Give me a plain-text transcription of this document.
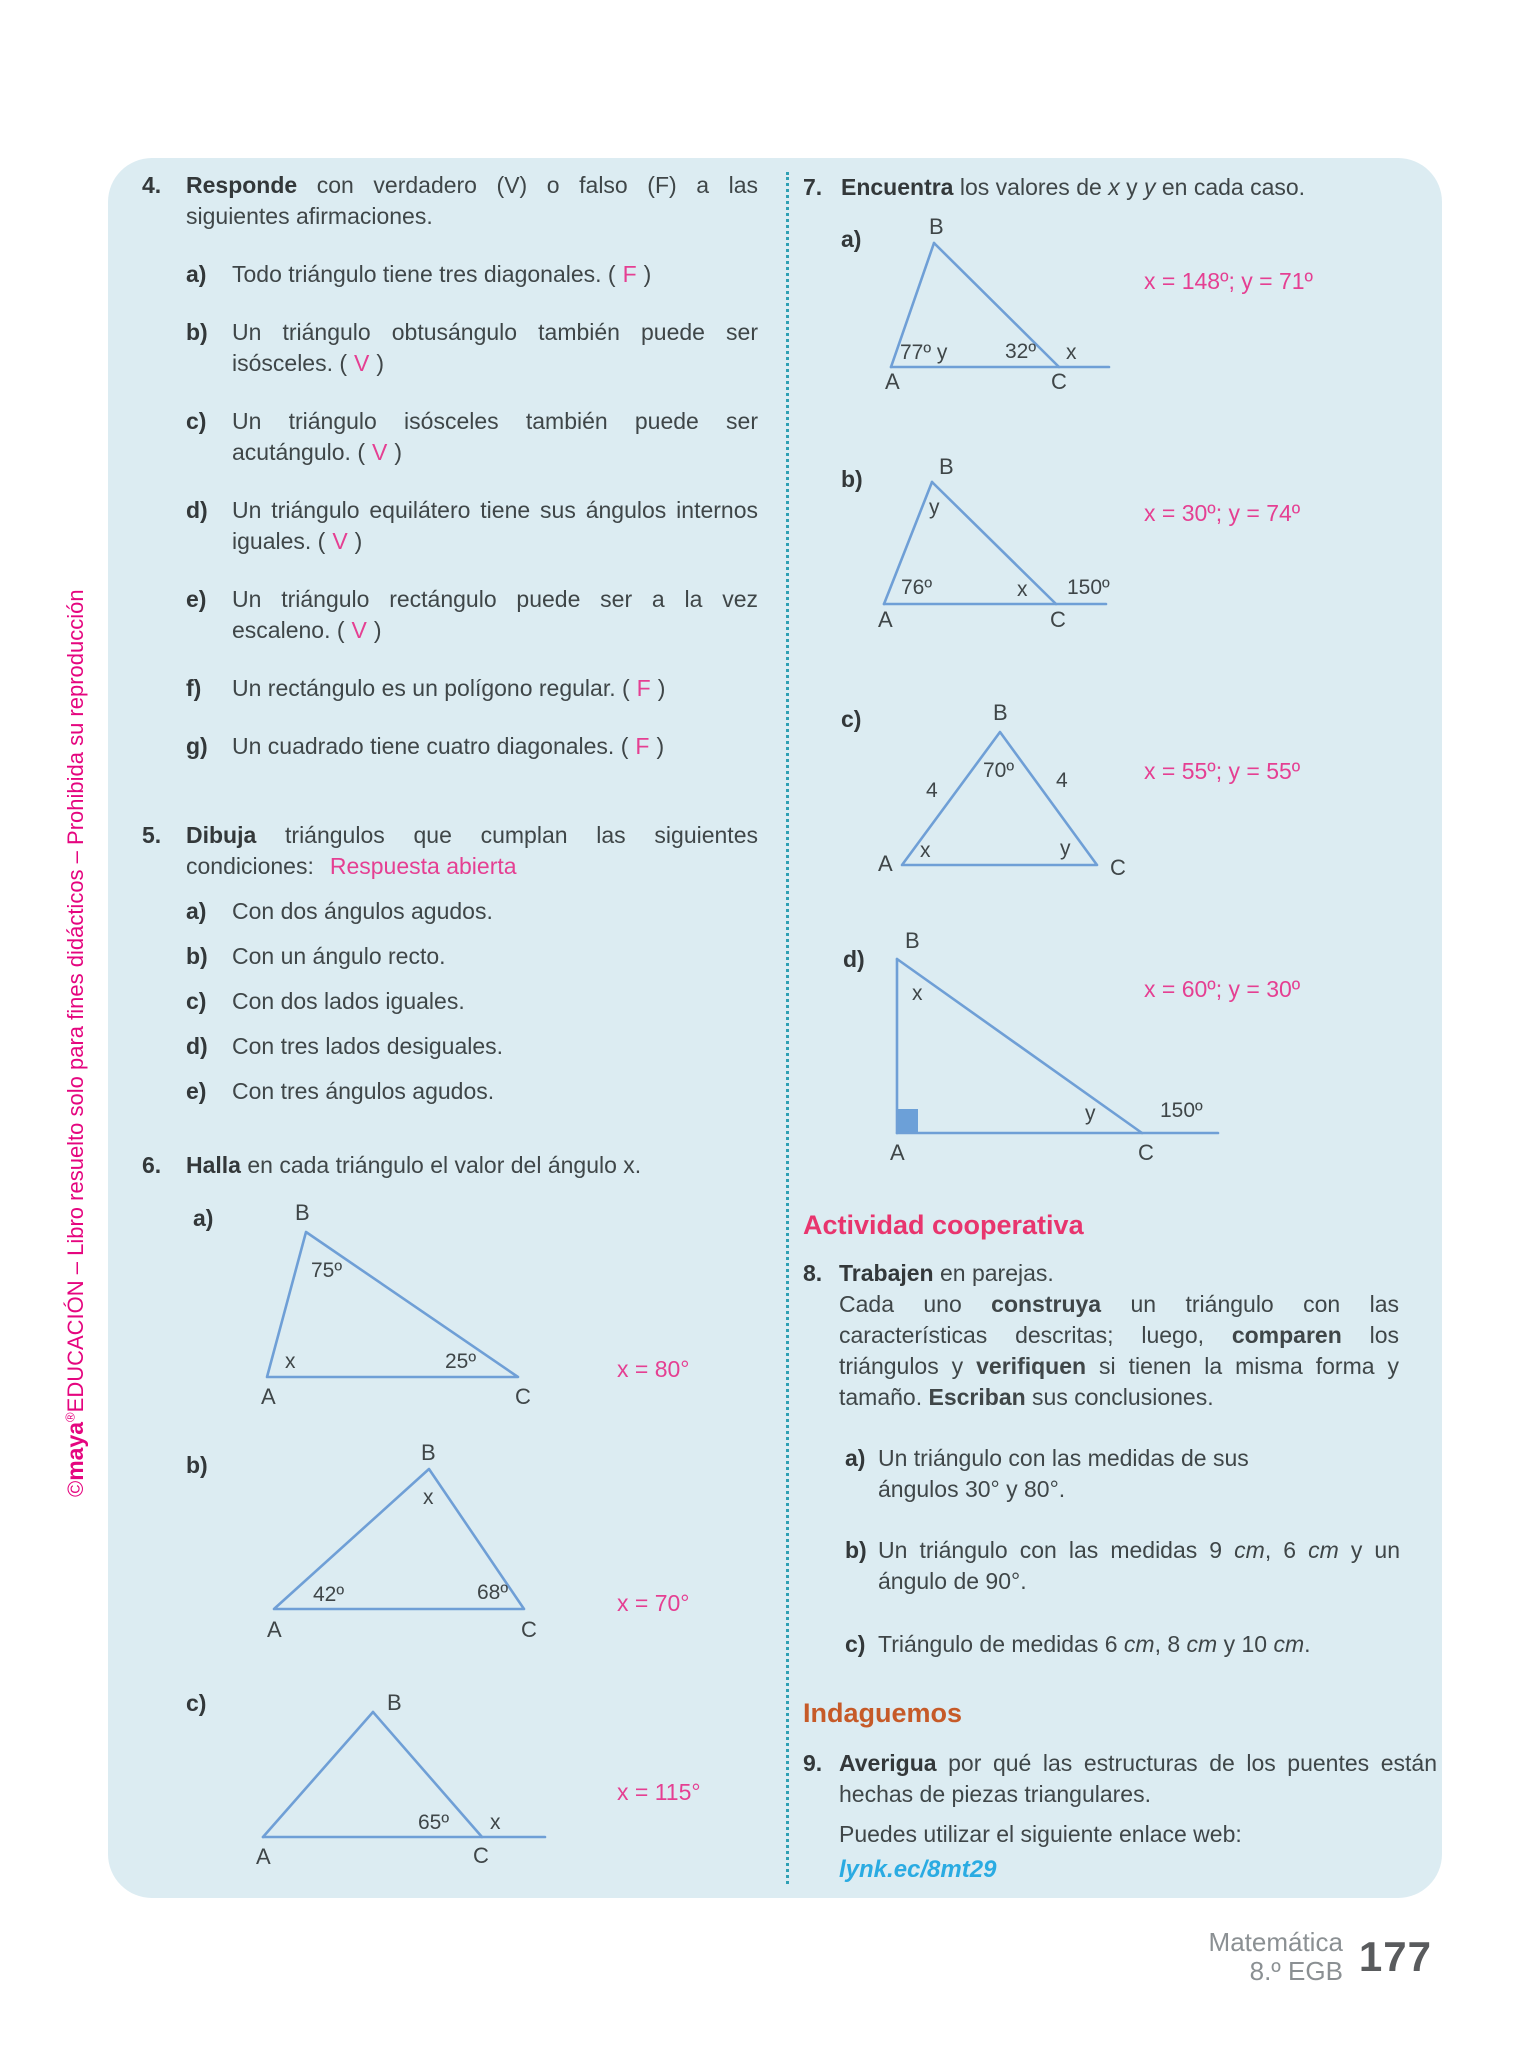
©maya®EDUCACIÓN – Libro resuelto solo para fines didácticos – Prohibida su reproducción
4.	Responde con verdadero (V) o falso (F) a las siguientes afirmaciones.
a)	Todo triángulo tiene tres diagonales. ( F )
b)	Un triángulo obtusángulo también puede ser isósceles. ( V )
c)	Un triángulo isósceles también puede ser acutángulo. ( V )
d)	Un triángulo equilátero tiene sus ángulos internos iguales. ( V )
e)	Un triángulo rectángulo puede ser a la vez escaleno. ( V )
f)	Un rectángulo es un polígono regular. ( F )
g)	Un cuadrado tiene cuatro diagonales. ( F )
5.	Dibuja triángulos que cumplan las siguientes condiciones: Respuesta abierta
a)	Con dos ángulos agudos.
b)	Con un ángulo recto.
c)	Con dos lados iguales.
d)	Con tres lados desiguales.
e)	Con tres ángulos agudos.
6.	Halla en cada triángulo el valor del ángulo x.
a)	B
A	C
75º
x	25º	x = 80°
b)	B
A	C
x
42º	68º	x = 70°
c)	B
A	C
65º x
x = 115°
7. Encuentra los valores de x y y en cada caso.
a)	B
A	C
77º y	32º x
x = 148º; y = 71º
b)	B
A	C
y
76º	x 150º
x = 30º; y = 74º
c)	B
A	C
70º
4	4
x	y
x = 55º; y = 55º
d)
B
A	C
x
y	150º
x = 60º; y = 30º
Actividad cooperativa
8. Trabajen en parejas.
Cada uno construya un triángulo con las características descritas; luego, comparen los triángulos y verifiquen si tienen la misma forma y tamaño. Escriban sus conclusiones.
a) Un triángulo con las medidas de sus ángulos 30° y 80°.
b) Un triángulo con las medidas 9 cm, 6 cm y un ángulo de 90°.
c) Triángulo de medidas 6 cm, 8 cm y 10 cm.
Indaguemos
9. Averigua por qué las estructuras de los puentes están hechas de piezas triangulares.
Puedes utilizar el siguiente enlace web:
lynk.ec/8mt29
Matemática
8.º EGB 177
